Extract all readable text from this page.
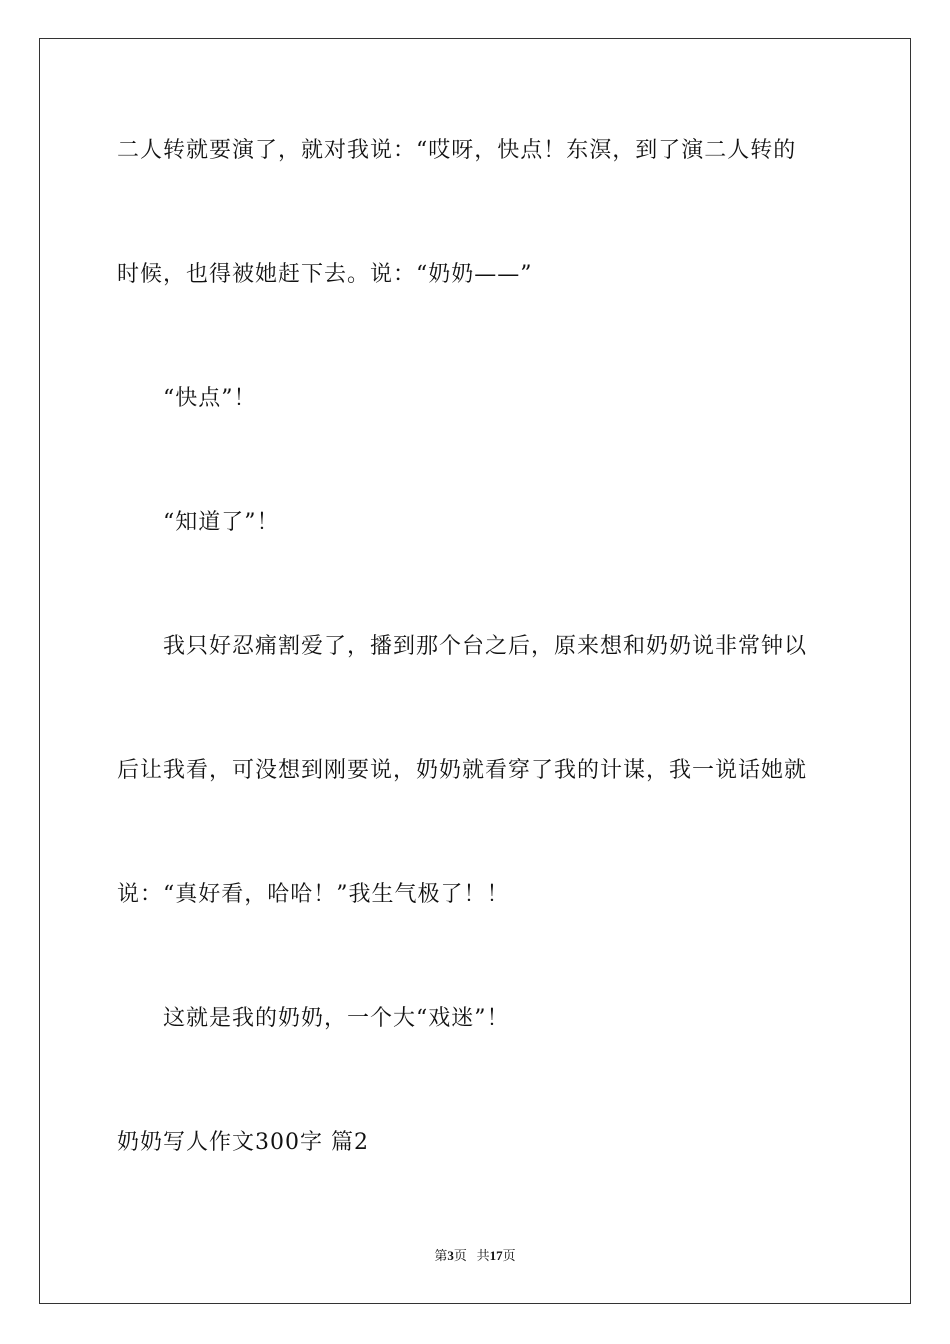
二人转就要演了，就对我说：“哎呀，快点！东溟，到了演二人转的
时候，也得被她赶下去。说：“奶奶——”
“快点”！
“知道了”！
我只好忍痛割爱了，播到那个台之后，原来想和奶奶说非常钟以
后让我看，可没想到刚要说，奶奶就看穿了我的计谋，我一说话她就
说：“真好看，哈哈！”我生气极了！！
这就是我的奶奶，一个大“戏迷”！
奶奶写人作文300字 篇2
第3页 共17页
